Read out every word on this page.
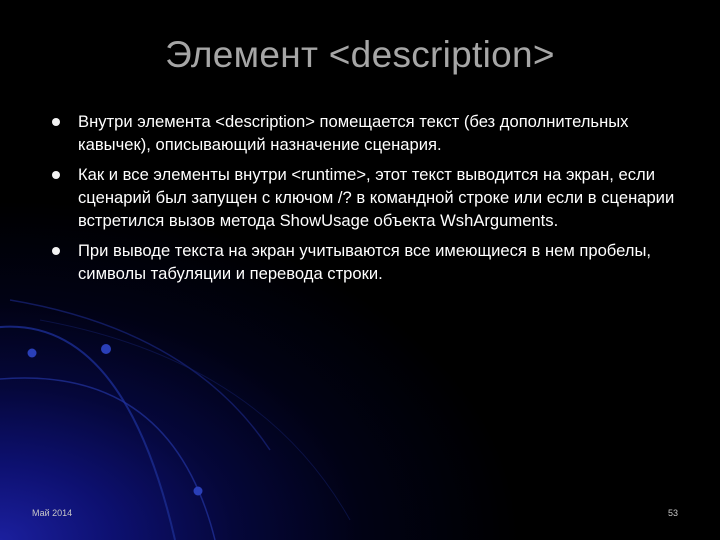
Элемент <description>
Внутри элемента <description> помещается текст (без дополнительных кавычек), описывающий назначение сценария.
Как и все элементы внутри <runtime>, этот текст выводится на экран, если сценарий был запущен с ключом /? в командной строке или если в сценарии встретился вызов метода ShowUsage объекта WshArguments.
При выводе текста на экран учитываются все имеющиеся в нем пробелы, символы табуляции и перевода строки.
Май 2014	53
